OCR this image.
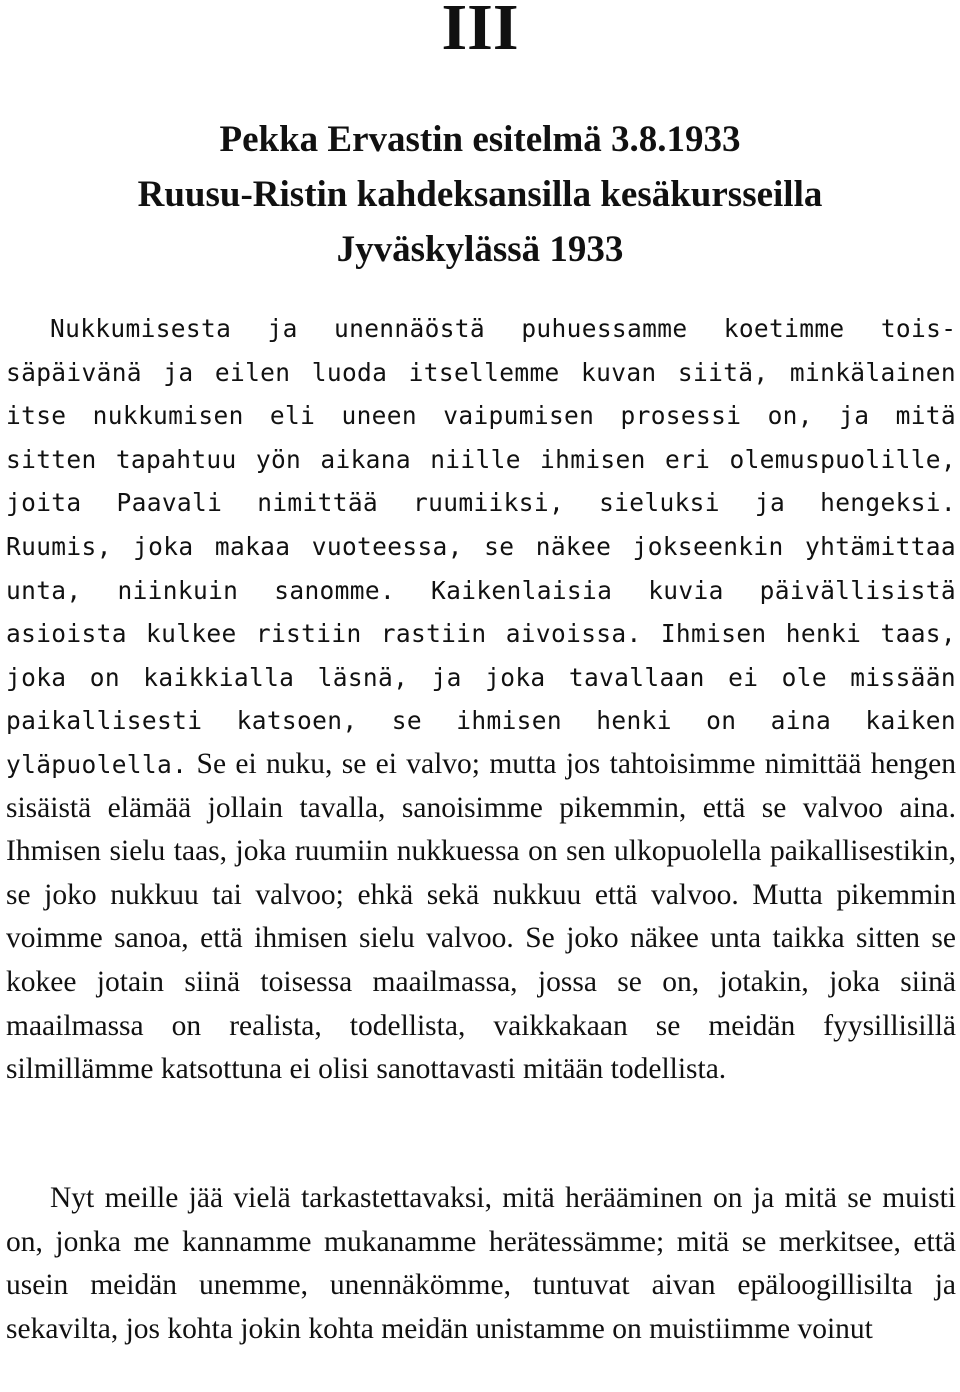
III
Pekka Ervastin esitelmä 3.8.1933
Ruusu-Ristin kahdeksansilla kesäkursseilla
Jyväskylässä 1933

Nukkumisesta ja unennäöstä puhuessamme koetimme toissäpäivänä ja eilen luoda itsellemme kuvan siitä, minkälainen itse nukkumisen eli uneen vaipumisen prosessi on, ja mitä sitten tapahtuu yön aikana niille ihmisen eri olemuspuolille, joita Paavali nimittää ruumiiksi, sieluksi ja hengeksi. Ruumis, joka makaa vuoteessa, se näkee jokseenkin yhtämittaa unta, niinkuin sanomme. Kaikenlaisia kuvia päivällisistä asioista kulkee ristiin rastiin aivoissa. Ihmisen henki taas, joka on kaikkialla läsnä, ja joka tavallaan ei ole missään paikallisesti katsoen, se ihmisen henki on aina kaiken yläpuolella. Se ei nuku, se ei valvo; mutta jos tahtoisimme nimittää hengen sisäistä elämää jollain tavalla, sanoisimme pikemmin, että se valvoo aina. Ihmisen sielu taas, joka ruumiin nukkuessa on sen ulkopuolella paikallisestikin, se joko nukkuu tai valvoo; ehkä sekä nukkuu että valvoo. Mutta pikemmin voimme sanoa, että ihmisen sielu valvoo. Se joko näkee unta taikka sitten se kokee jotain siinä toisessa maailmassa, jossa se on, jotakin, joka siinä maailmassa on realista, todellista, vaikkakaan se meidän fyysillisillä silmillämme katsottuna ei olisi sanottavasti mitään todellista.

Nyt meille jää vielä tarkastettavaksi, mitä herääminen on ja mitä se muisti on, jonka me kannamme mukanamme herätessämme; mitä se merkitsee, että usein meidän unemme, unennäkömme, tuntuvat aivan epäloogillisilta ja sekavilta, jos kohta jokin kohta meidän unistamme on muistiimme voinut
